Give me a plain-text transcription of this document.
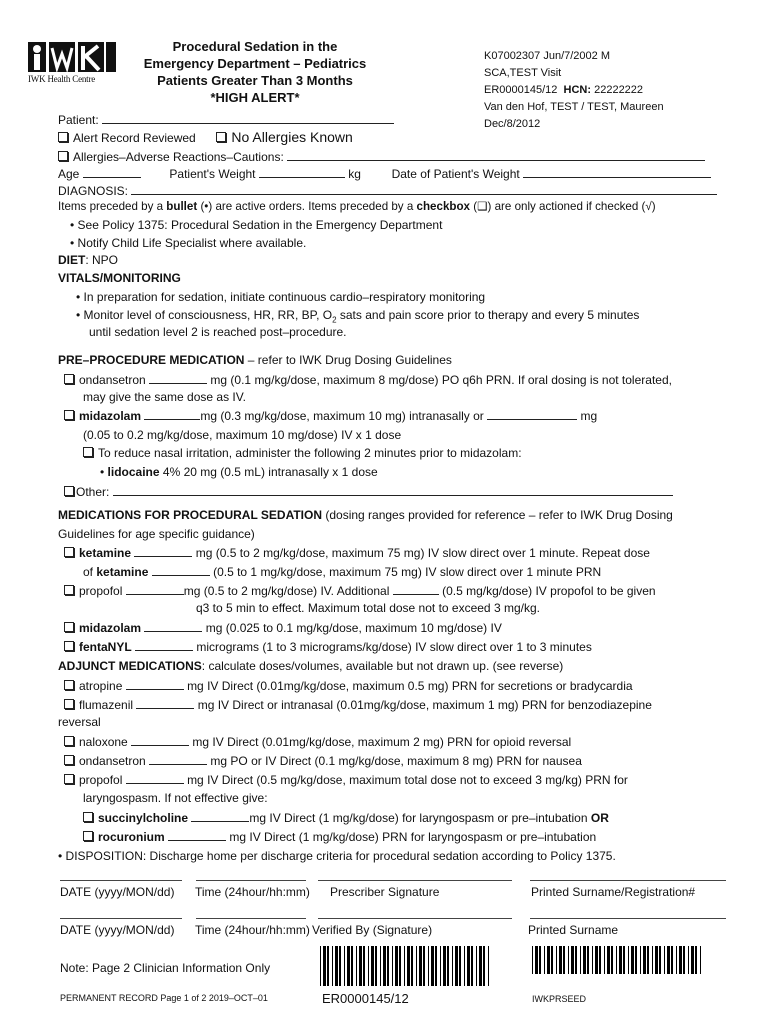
IWK Health Centre
Procedural Sedation in the
Emergency Department – Pediatrics
Patients Greater Than 3 Months
*HIGH ALERT*
K07002307 Jun/7/2002 M
SCA,TEST Visit
ER0000145/12 HCN: 22222222
Van den Hof, TEST / TEST, Maureen
Dec/8/2012
Patient:
Alert Record Reviewed	No Allergies Known
Allergies–Adverse Reactions–Cautions:
Age	Patient's Weight	kg	Date of Patient's Weight
DIAGNOSIS:
Items preceded by a bullet (•) are active orders. Items preceded by a checkbox (❑) are only actioned if checked (√)
• See Policy 1375: Procedural Sedation in the Emergency Department
• Notify Child Life Specialist where available.
DIET: NPO
VITALS/MONITORING
• In preparation for sedation, initiate continuous cardio–respiratory monitoring
• Monitor level of consciousness, HR, RR, BP, $O_2$ sats and pain score prior to therapy and every 5 minutes
until sedation level 2 is reached post–procedure.
PRE–PROCEDURE MEDICATION – refer to IWK Drug Dosing Guidelines
ondansetron	mg (0.1 mg/kg/dose, maximum 8 mg/dose) PO q6h PRN. If oral dosing is not tolerated,
may give the same dose as IV.
midazolam	mg (0.3 mg/kg/dose, maximum 10 mg) intranasally or	mg
(0.05 to 0.2 mg/kg/dose, maximum 10 mg/dose) IV x 1 dose
To reduce nasal irritation, administer the following 2 minutes prior to midazolam:
• lidocaine 4% 20 mg (0.5 mL) intranasally x 1 dose
Other:
MEDICATIONS FOR PROCEDURAL SEDATION (dosing ranges provided for reference – refer to IWK Drug Dosing
Guidelines for age specific guidance)
ketamine	mg (0.5 to 2 mg/kg/dose, maximum 75 mg) IV slow direct over 1 minute. Repeat dose
of ketamine	(0.5 to 1 mg/kg/dose, maximum 75 mg) IV slow direct over 1 minute PRN
propofol	mg (0.5 to 2 mg/kg/dose) IV. Additional	(0.5 mg/kg/dose) IV propofol to be given
q3 to 5 min to effect. Maximum total dose not to exceed 3 mg/kg.
midazolam	mg (0.025 to 0.1 mg/kg/dose, maximum 10 mg/dose) IV
fentaNYL	micrograms (1 to 3 micrograms/kg/dose) IV slow direct over 1 to 3 minutes
ADJUNCT MEDICATIONS: calculate doses/volumes, available but not drawn up. (see reverse)
atropine	mg IV Direct (0.01mg/kg/dose, maximum 0.5 mg) PRN for secretions or bradycardia
flumazenil	mg IV Direct or intranasal (0.01mg/kg/dose, maximum 1 mg) PRN for benzodiazepine
reversal
naloxone	mg IV Direct (0.01mg/kg/dose, maximum 2 mg) PRN for opioid reversal
ondansetron	mg PO or IV Direct (0.1 mg/kg/dose, maximum 8 mg) PRN for nausea
propofol	mg IV Direct (0.5 mg/kg/dose, maximum total dose not to exceed 3 mg/kg) PRN for
laryngospasm. If not effective give:
succinylcholine	mg IV Direct (1 mg/kg/dose) for laryngospasm or pre–intubation OR
rocuronium	mg IV Direct (1 mg/kg/dose) PRN for laryngospasm or pre–intubation
• DISPOSITION: Discharge home per discharge criteria for procedural sedation according to Policy 1375.
DATE (yyyy/MON/dd) Time (24hour/hh:mm) Prescriber Signature	Printed Surname/Registration#
DATE (yyyy/MON/dd) Time (24hour/hh:mm) Verified By (Signature)	Printed Surname
Note: Page 2 Clinician Information Only
PERMANENT RECORD Page 1 of 2 2019–OCT–01	ER0000145/12	IWKPRSEED
